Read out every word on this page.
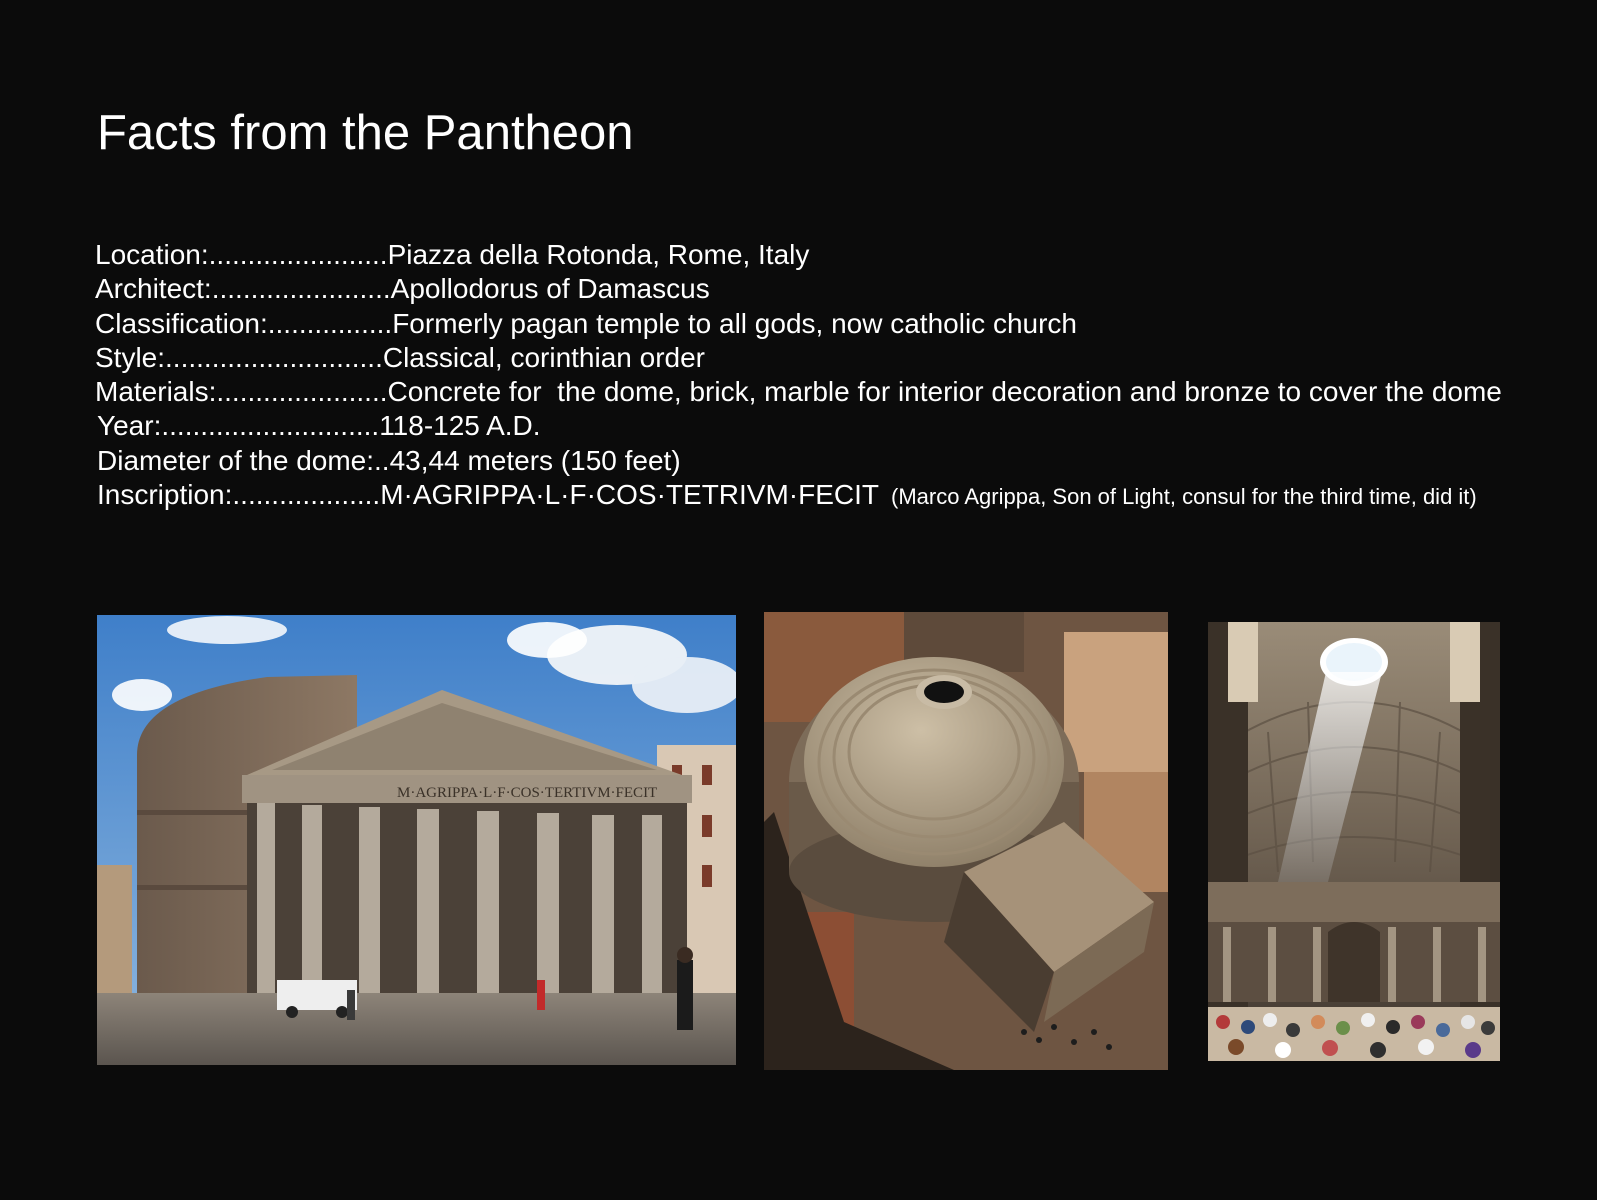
Facts from the Pantheon
Location:.......................Piazza della Rotonda, Rome, Italy
Architect:.......................Apollodorus of Damascus
Classification:................Formerly pagan temple to all gods, now catholic church
Style:............................Classical, corinthian order
Materials:......................Concrete for  the dome, brick, marble for interior decoration and bronze to cover the dome
Year:............................118-125 A.D.
Diameter of the dome:..43,44 meters (150 feet)
Inscription:...................M·AGRIPPA·L·F·COS·TETRIVM·FECIT (Marco Agrippa, Son of Light, consul for the third time, did it)
M·AGRIPPA·L·F·COS·TERTIVM·FECIT
